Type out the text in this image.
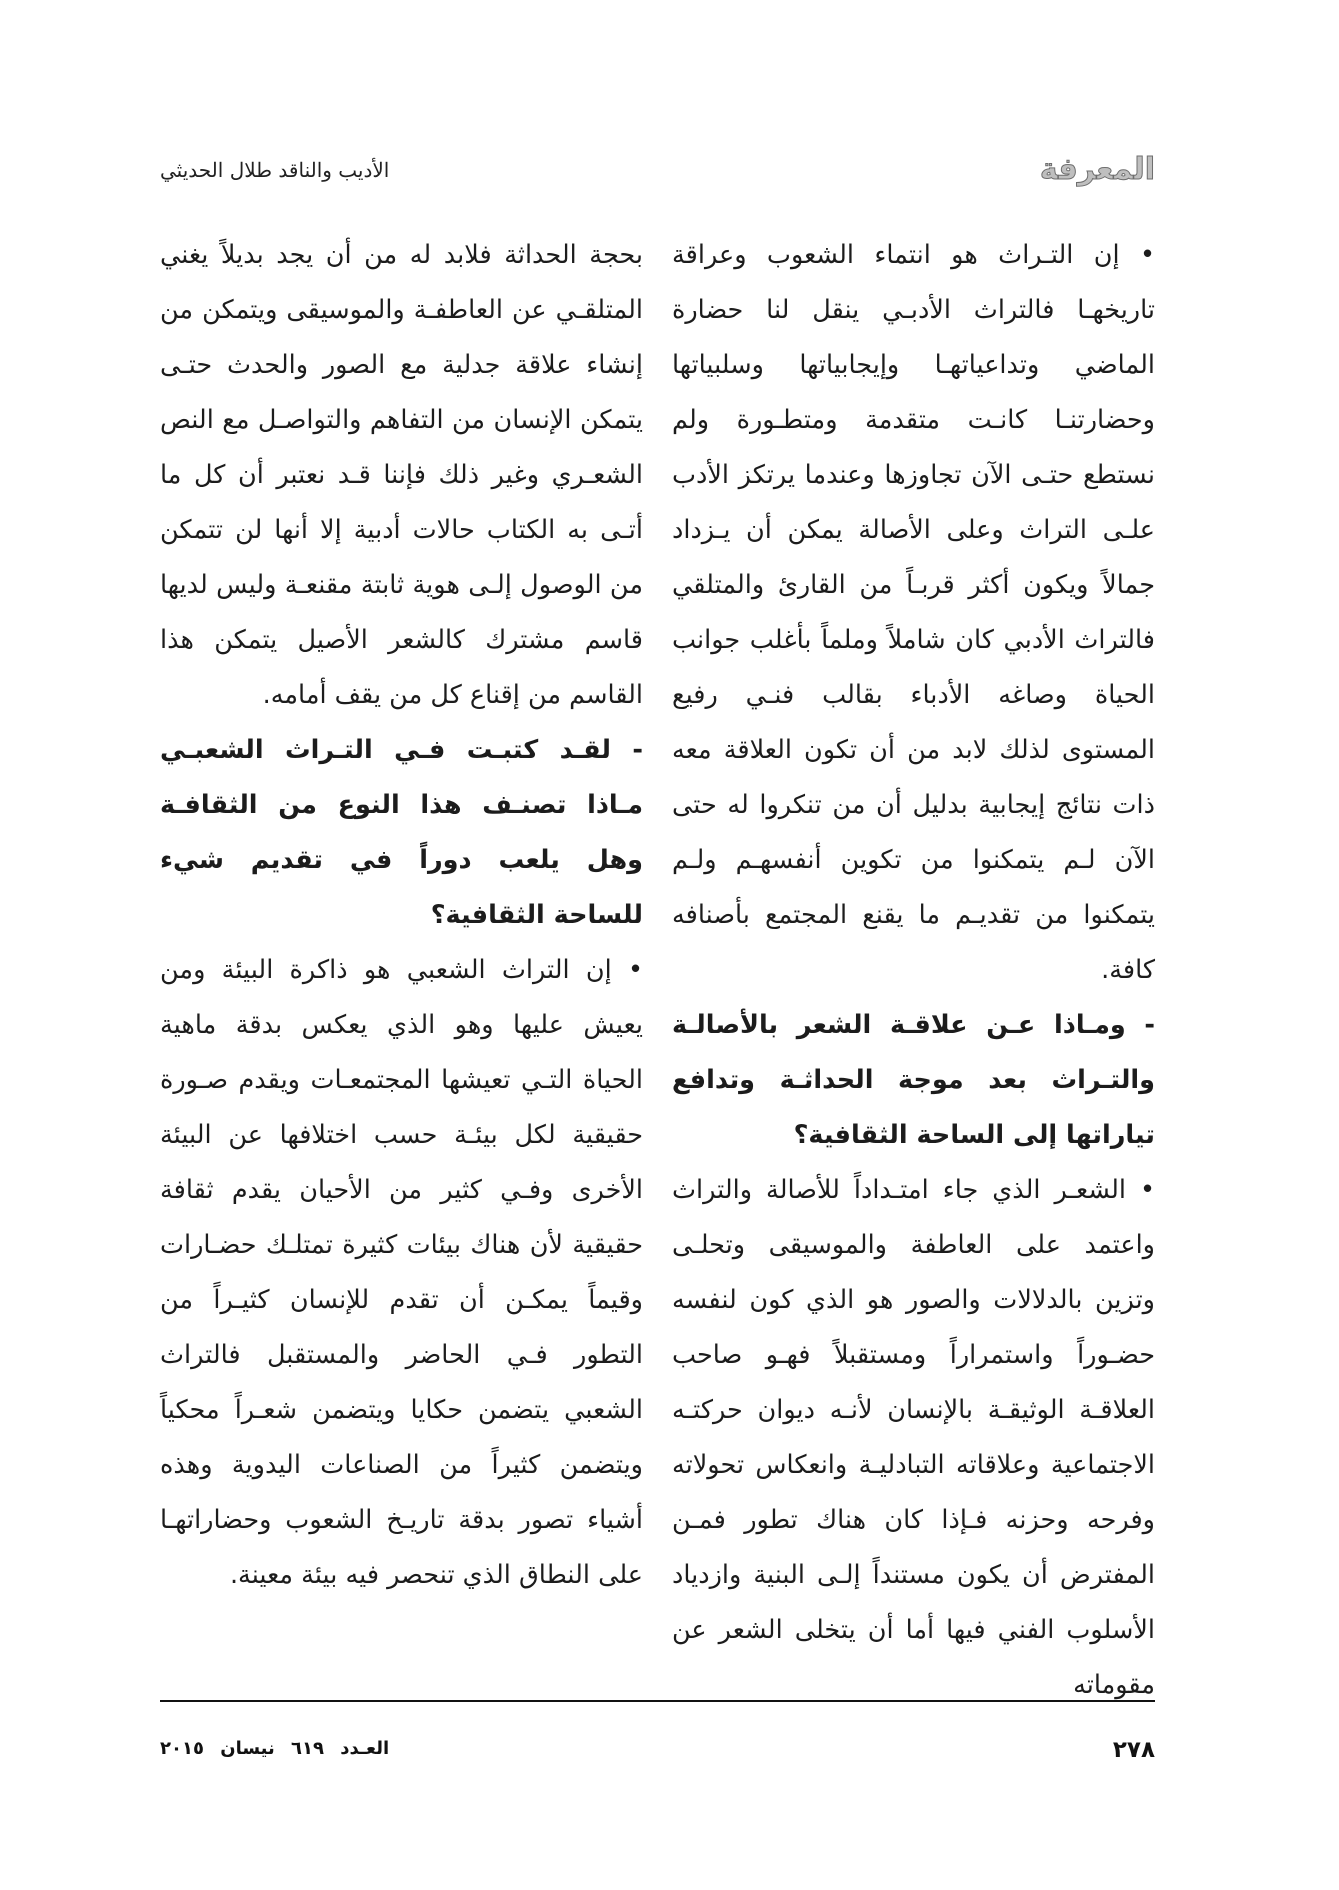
المعرفة
الأديب والناقد طلال الحديثي

• إن التـراث هو انتماء الشعوب وعراقة تاريخهـا فالتراث الأدبـي ينقل لنا حضارة الماضي وتداعياتهـا وإيجابياتها وسلبياتها وحضارتنـا كانـت متقدمة ومتطـورة ولم نستطع حتـى الآن تجاوزها وعندما يرتكز الأدب علـى التراث وعلى الأصالة يمكن أن يـزداد جمالاً ويكون أكثر قربـاً من القارئ والمتلقي فالتراث الأدبي كان شاملاً وملماً بأغلب جوانب الحياة وصاغه الأدباء بقالب فنـي رفيع المستوى لذلك لابد من أن تكون العلاقة معه ذات نتائج إيجابية بدليل أن من تنكروا له حتى الآن لـم يتمكنوا من تكوين أنفسهـم ولـم يتمكنوا من تقديـم ما يقنع المجتمع بأصنافه كافة.

- ومـاذا عـن علاقـة الشعر بالأصالـة والتـراث بعد موجة الحداثـة وتدافع تياراتها إلى الساحة الثقافية؟

• الشعـر الذي جاء امتـداداً للأصالة والتراث واعتمد على العاطفة والموسيقى وتحلـى وتزين بالدلالات والصور هو الذي كون لنفسه حضـوراً واستمراراً ومستقبلاً فهـو صاحب العلاقـة الوثيقـة بالإنسان لأنـه ديوان حركتـه الاجتماعية وعلاقاته التبادليـة وانعكاس تحولاته وفرحه وحزنه فـإذا كان هناك تطور فمـن المفترض أن يكون مستنداً إلـى البنية وازدياد الأسلوب الفني فيها أما أن يتخلى الشعر عن مقوماته

بحجة الحداثة فلابد له من أن يجد بديلاً يغني المتلقـي عن العاطفـة والموسيقى ويتمكن من إنشاء علاقة جدلية مع الصور والحدث حتـى يتمكن الإنسان من التفاهم والتواصـل مع النص الشعـري وغير ذلك فإننا قـد نعتبر أن كل ما أتـى به الكتاب حالات أدبية إلا أنها لن تتمكن من الوصول إلـى هوية ثابتة مقنعـة وليس لديها قاسم مشترك كالشعر الأصيل يتمكن هذا القاسم من إقناع كل من يقف أمامه.

- لقـد كتبـت فـي التـراث الشعبـي مـاذا تصنـف هذا النوع من الثقافـة وهل يلعب دوراً في تقديم شيء للساحة الثقافية؟

• إن التراث الشعبي هو ذاكرة البيئة ومن يعيش عليها وهو الذي يعكس بدقة ماهية الحياة التـي تعيشها المجتمعـات ويقدم صـورة حقيقية لكل بيئـة حسب اختلافها عن البيئة الأخرى وفـي كثير من الأحيان يقدم ثقافة حقيقية لأن هناك بيئات كثيرة تمتلـك حضـارات وقيماً يمكـن أن تقدم للإنسان كثيـراً من التطور فـي الحاضر والمستقبل فالتراث الشعبي يتضمن حكايا ويتضمن شعـراً محكياً ويتضمن كثيراً من الصناعات اليدوية وهذه أشياء تصور بدقة تاريـخ الشعوب وحضاراتهـا على النطاق الذي تنحصر فيه بيئة معينة.

٢٧٨
العـدد ٦١٩ نيسان ٢٠١٥
